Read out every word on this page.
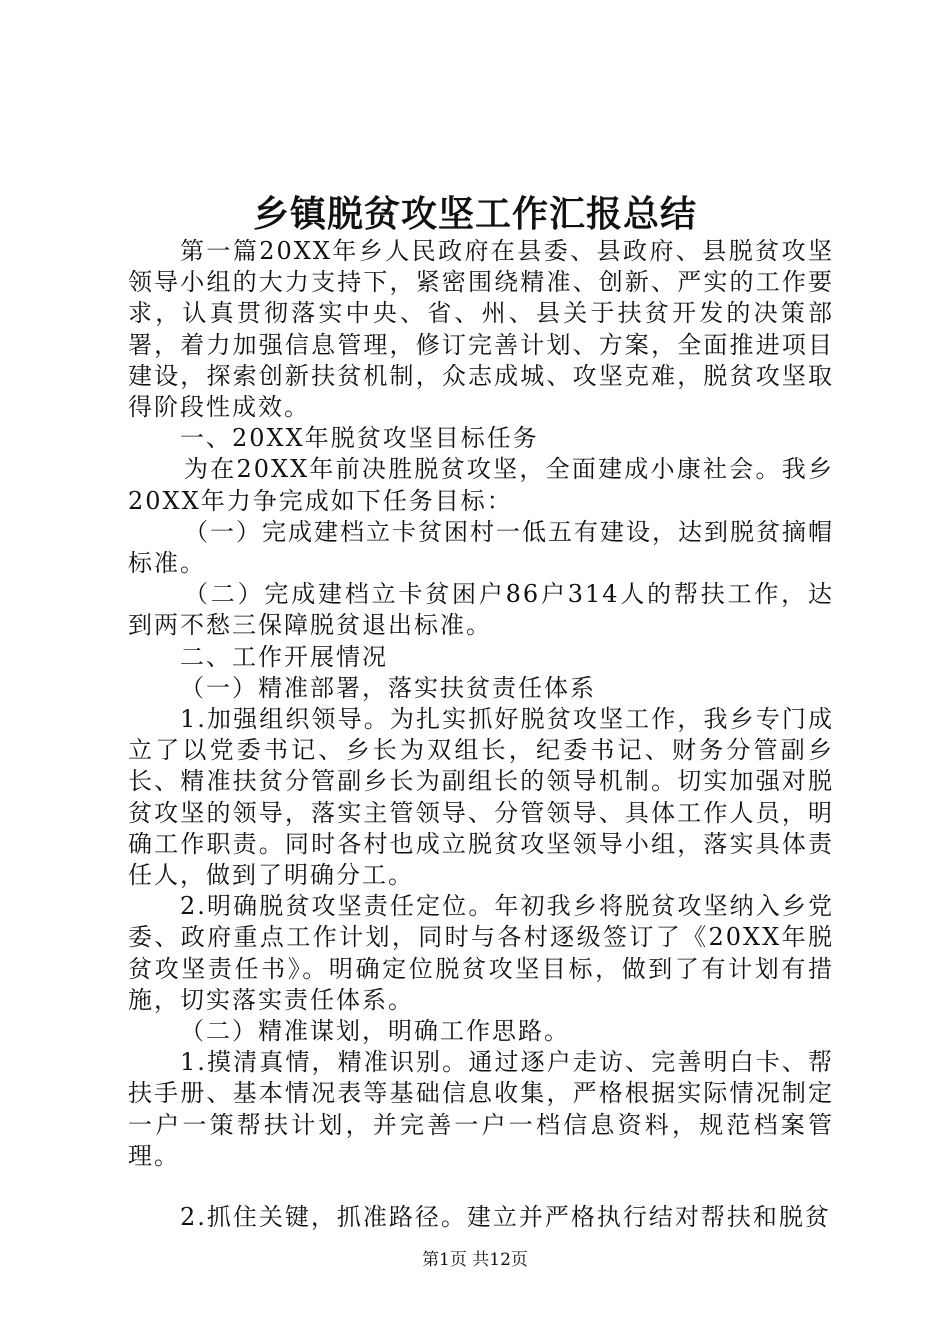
乡镇脱贫攻坚工作汇报总结

第一篇20XX年乡人民政府在县委、县政府、县脱贫攻坚领导小组的大力支持下，紧密围绕精准、创新、严实的工作要求，认真贯彻落实中央、省、州、县关于扶贫开发的决策部署，着力加强信息管理，修订完善计划、方案，全面推进项目建设，探索创新扶贫机制，众志成城、攻坚克难，脱贫攻坚取得阶段性成效。

一、20XX年脱贫攻坚目标任务

为在20XX年前决胜脱贫攻坚，全面建成小康社会。我乡20XX年力争完成如下任务目标：

（一）完成建档立卡贫困村一低五有建设，达到脱贫摘帽标准。

（二）完成建档立卡贫困户86户314人的帮扶工作，达到两不愁三保障脱贫退出标准。

二、工作开展情况

（一）精准部署，落实扶贫责任体系

1.加强组织领导。为扎实抓好脱贫攻坚工作，我乡专门成立了以党委书记、乡长为双组长，纪委书记、财务分管副乡长、精准扶贫分管副乡长为副组长的领导机制。切实加强对脱贫攻坚的领导，落实主管领导、分管领导、具体工作人员，明确工作职责。同时各村也成立脱贫攻坚领导小组，落实具体责任人，做到了明确分工。

2.明确脱贫攻坚责任定位。年初我乡将脱贫攻坚纳入乡党委、政府重点工作计划，同时与各村逐级签订了《20XX年脱贫攻坚责任书》。明确定位脱贫攻坚目标，做到了有计划有措施，切实落实责任体系。

（二）精准谋划，明确工作思路。

1.摸清真情，精准识别。通过逐户走访、完善明白卡、帮扶手册、基本情况表等基础信息收集，严格根据实际情况制定一户一策帮扶计划，并完善一户一档信息资料，规范档案管理。

2.抓住关键，抓准路径。建立并严格执行结对帮扶和脱贫

第1页 共12页
